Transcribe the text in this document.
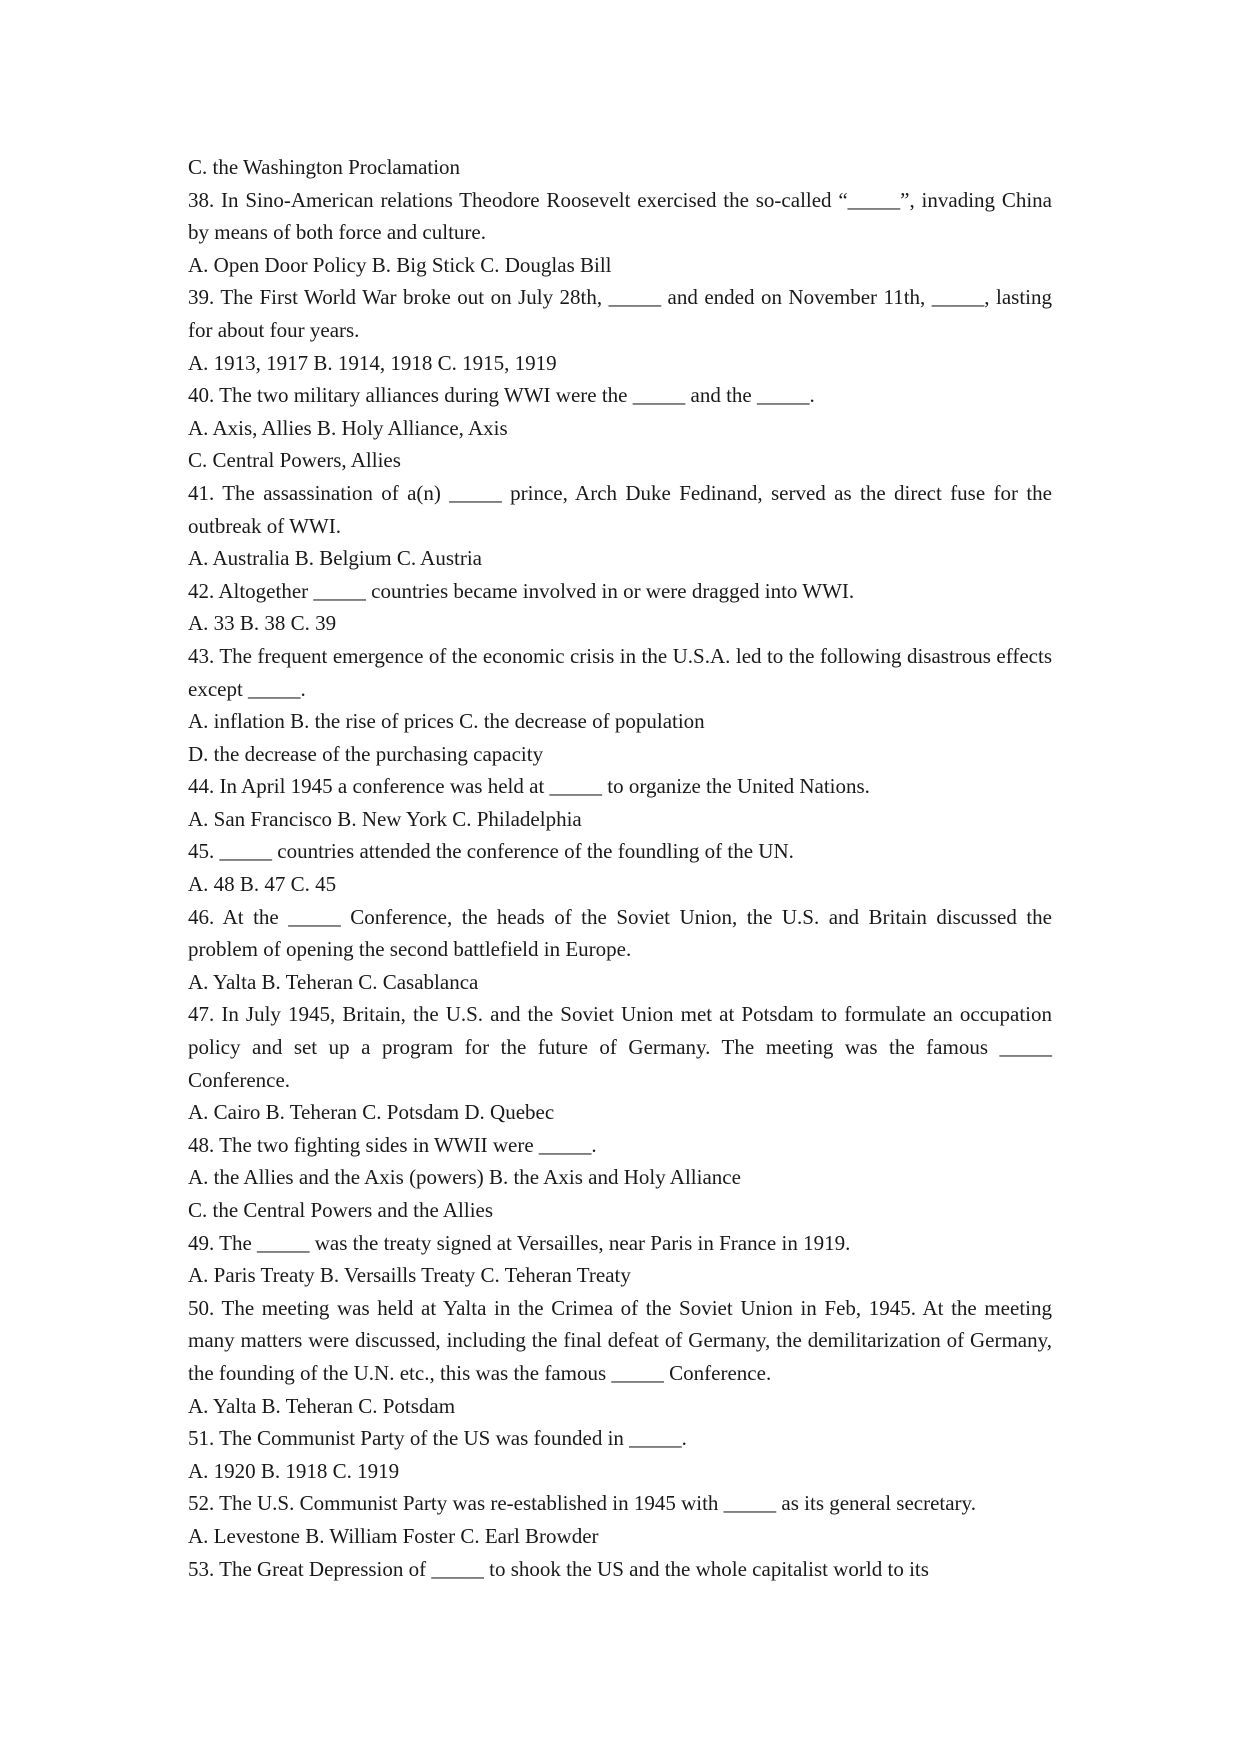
C. the Washington Proclamation

38. In Sino-American relations Theodore Roosevelt exercised the so-called “_____”, invading China by means of both force and culture.

A. Open Door Policy B. Big Stick C. Douglas Bill

39. The First World War broke out on July 28th, _____ and ended on November 11th, _____, lasting for about four years.

A. 1913, 1917 B. 1914, 1918 C. 1915, 1919

40. The two military alliances during WWI were the _____ and the _____.

A. Axis, Allies B. Holy Alliance, Axis

C. Central Powers, Allies

41. The assassination of a(n) _____ prince, Arch Duke Fedinand, served as the direct fuse for the outbreak of WWI.

A. Australia B. Belgium C. Austria

42. Altogether _____ countries became involved in or were dragged into WWI.

A. 33 B. 38 C. 39

43. The frequent emergence of the economic crisis in the U.S.A. led to the following disastrous effects except _____.

A. inflation B. the rise of prices C. the decrease of population

D. the decrease of the purchasing capacity

44. In April 1945 a conference was held at _____ to organize the United Nations.

A. San Francisco B. New York C. Philadelphia

45. _____ countries attended the conference of the foundling of the UN.

A. 48 B. 47 C. 45

46. At the _____ Conference, the heads of the Soviet Union, the U.S. and Britain discussed the problem of opening the second battlefield in Europe.

A. Yalta B. Teheran C. Casablanca

47. In July 1945, Britain, the U.S. and the Soviet Union met at Potsdam to formulate an occupation policy and set up a program for the future of Germany. The meeting was the famous _____ Conference.

A. Cairo B. Teheran C. Potsdam D. Quebec

48. The two fighting sides in WWII were _____.

A. the Allies and the Axis (powers) B. the Axis and Holy Alliance

C. the Central Powers and the Allies

49. The _____ was the treaty signed at Versailles, near Paris in France in 1919.

A. Paris Treaty B. Versaills Treaty C. Teheran Treaty

50. The meeting was held at Yalta in the Crimea of the Soviet Union in Feb, 1945. At the meeting many matters were discussed, including the final defeat of Germany, the demilitarization of Germany, the founding of the U.N. etc., this was the famous _____ Conference.

A. Yalta B. Teheran C. Potsdam

51. The Communist Party of the US was founded in _____.

A. 1920 B. 1918 C. 1919

52. The U.S. Communist Party was re-established in 1945 with _____ as its general secretary.

A. Levestone B. William Foster C. Earl Browder

53. The Great Depression of _____ to shook the US and the whole capitalist world to its
